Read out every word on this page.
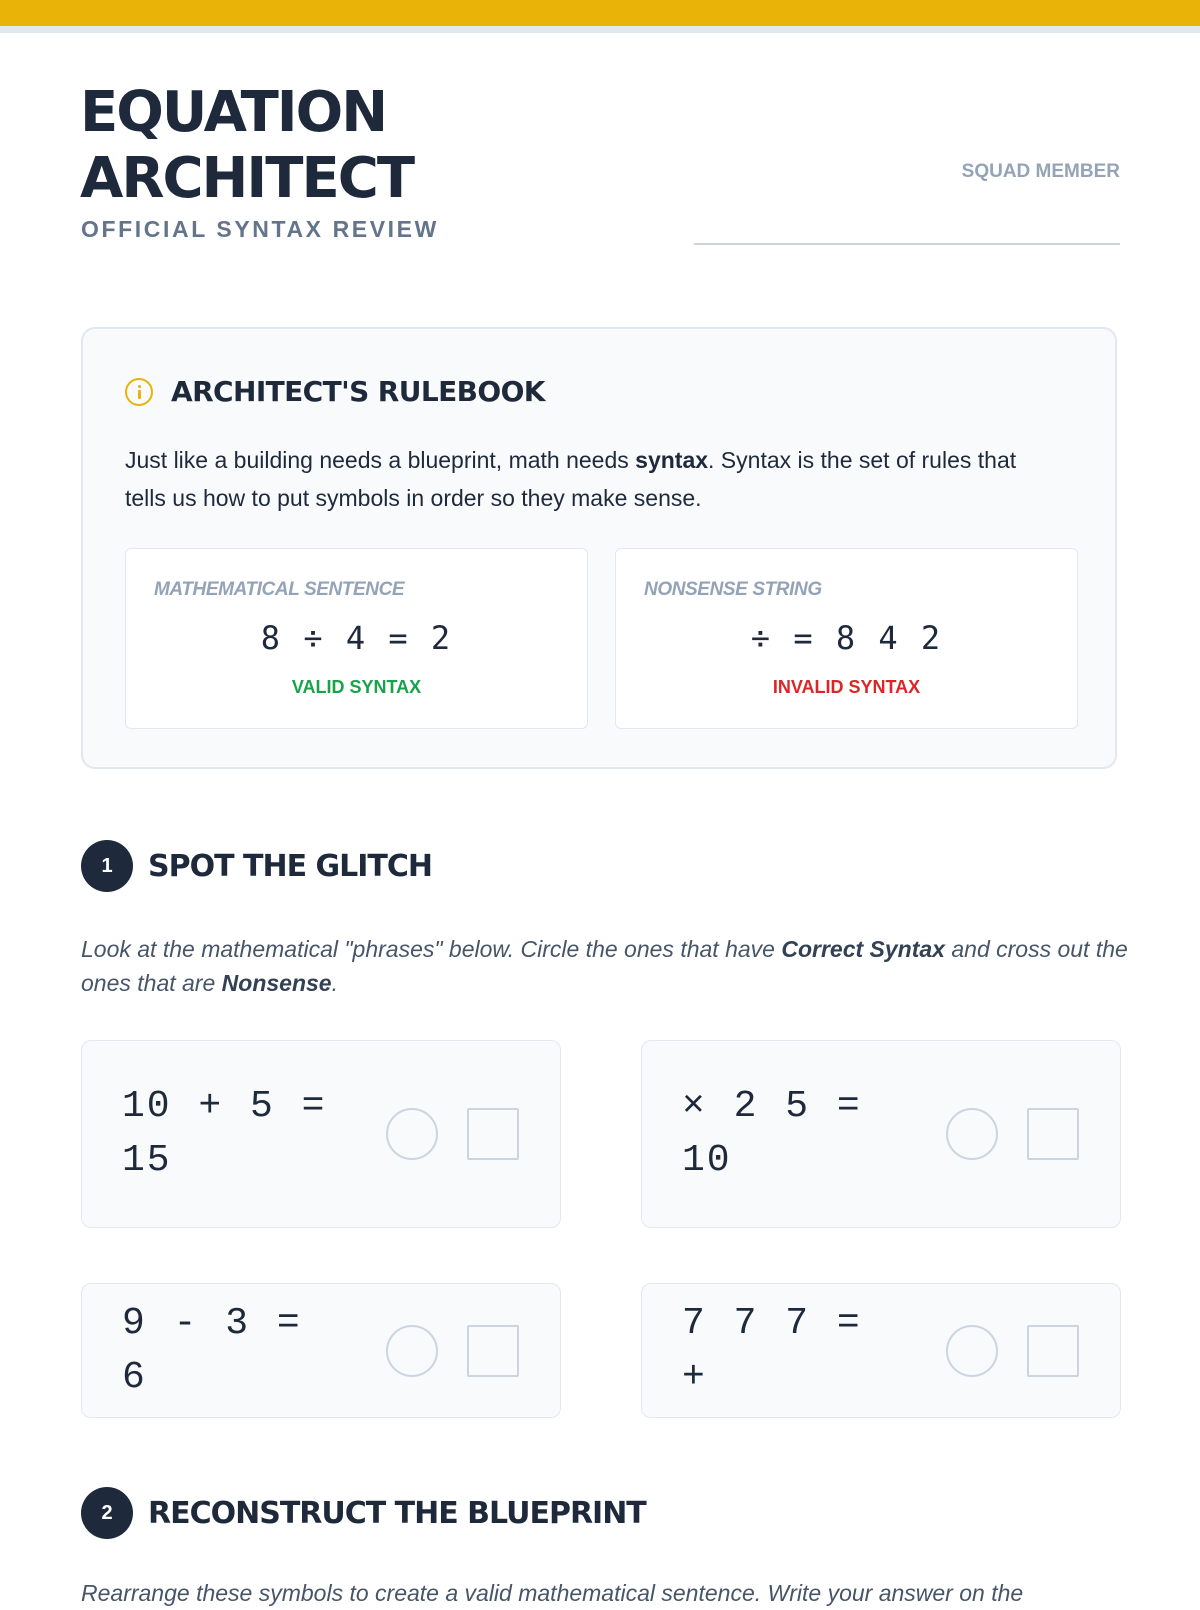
EQUATION
ARCHITECT
OFFICIAL SYNTAX REVIEW
SQUAD MEMBER
ARCHITECT'S RULEBOOK
Just like a building needs a blueprint, math needs syntax. Syntax is the set of rules that tells us how to put symbols in order so they make sense.
MATHEMATICAL SENTENCE
8 ÷ 4 = 2
VALID SYNTAX
NONSENSE STRING
÷ = 8 4 2
INVALID SYNTAX
1	SPOT THE GLITCH
Look at the mathematical "phrases" below. Circle the ones that have Correct Syntax and cross out the ones that are Nonsense.
10 + 5 = 15
× 2 5 = 10
9 - 3 = 6
7 7 7 = +
2	RECONSTRUCT THE BLUEPRINT
Rearrange these symbols to create a valid mathematical sentence. Write your answer on the
